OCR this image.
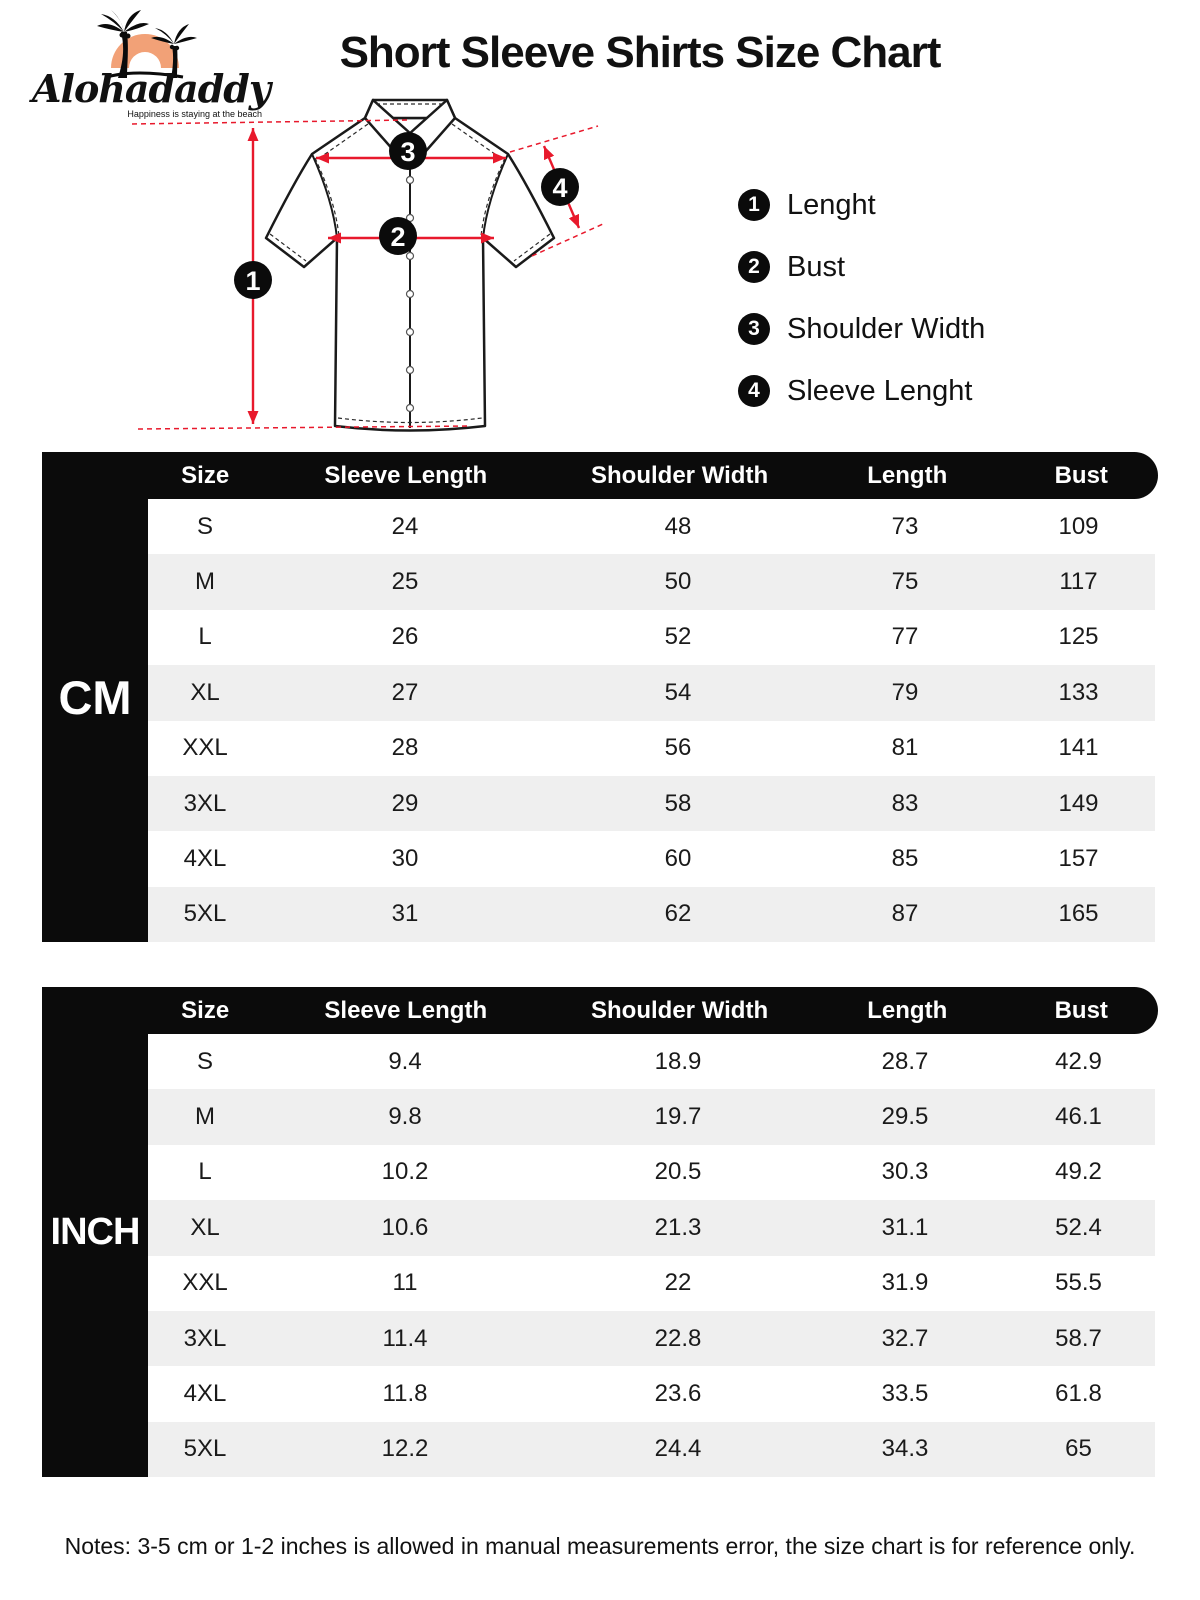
Alohadaddy
Happiness is staying at the beach
Short Sleeve Shirts Size Chart
1
2
3
4
1 Lenght
2 Bust
3 Shoulder Width
4 Sleeve Lenght
CM
Size	Sleeve Length	Shoulder Width	Length	Bust
S	24	48	73	109
M	25	50	75	117
L	26	52	77	125
XL	27	54	79	133
XXL	28	56	81	141
3XL	29	58	83	149
4XL	30	60	85	157
5XL	31	62	87	165
INCH
Size	Sleeve Length	Shoulder Width	Length	Bust
S	9.4	18.9	28.7	42.9
M	9.8	19.7	29.5	46.1
L	10.2	20.5	30.3	49.2
XL	10.6	21.3	31.1	52.4
XXL	11	22	31.9	55.5
3XL	11.4	22.8	32.7	58.7
4XL	11.8	23.6	33.5	61.8
5XL	12.2	24.4	34.3	65
Notes: 3-5 cm or 1-2 inches is allowed in manual measurements error, the size chart is for reference only.
